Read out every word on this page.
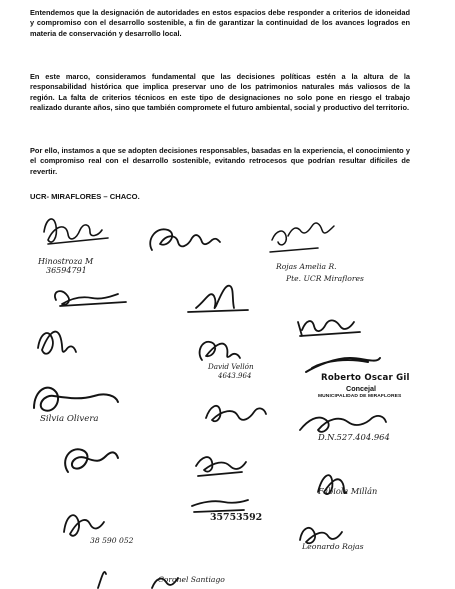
Entendemos que la designación de autoridades en estos espacios debe responder a criterios de idoneidad y compromiso con el desarrollo sostenible, a fin de garantizar la continuidad de los avances logrados en materia de conservación y desarrollo local.

En este marco, consideramos fundamental que las decisiones políticas estén a la altura de la responsabilidad histórica que implica preservar uno de los patrimonios naturales más valiosos de la región. La falta de criterios técnicos en este tipo de designaciones no solo pone en riesgo el trabajo realizado durante años, sino que también compromete el futuro ambiental, social y productivo del territorio.

Por ello, instamos a que se adopten decisiones responsables, basadas en la experiencia, el conocimiento y el compromiso real con el desarrollo sostenible, evitando retrocesos que podrían resultar difíciles de revertir.

UCR- MIRAFLORES – CHACO.

Hinostroza M
36594791	Rojas Amelia R.
Pte. UCR Miraflores
Silvia Olivera
David Vellón
4643.964
D.N.527.404.964
Fabiola Millán
35753592
38 590 052
Leonardo Rojas
Coronel Santiago
Roberto Oscar Gil
Concejal
MUNICIPALIDAD DE MIRAFLORES
